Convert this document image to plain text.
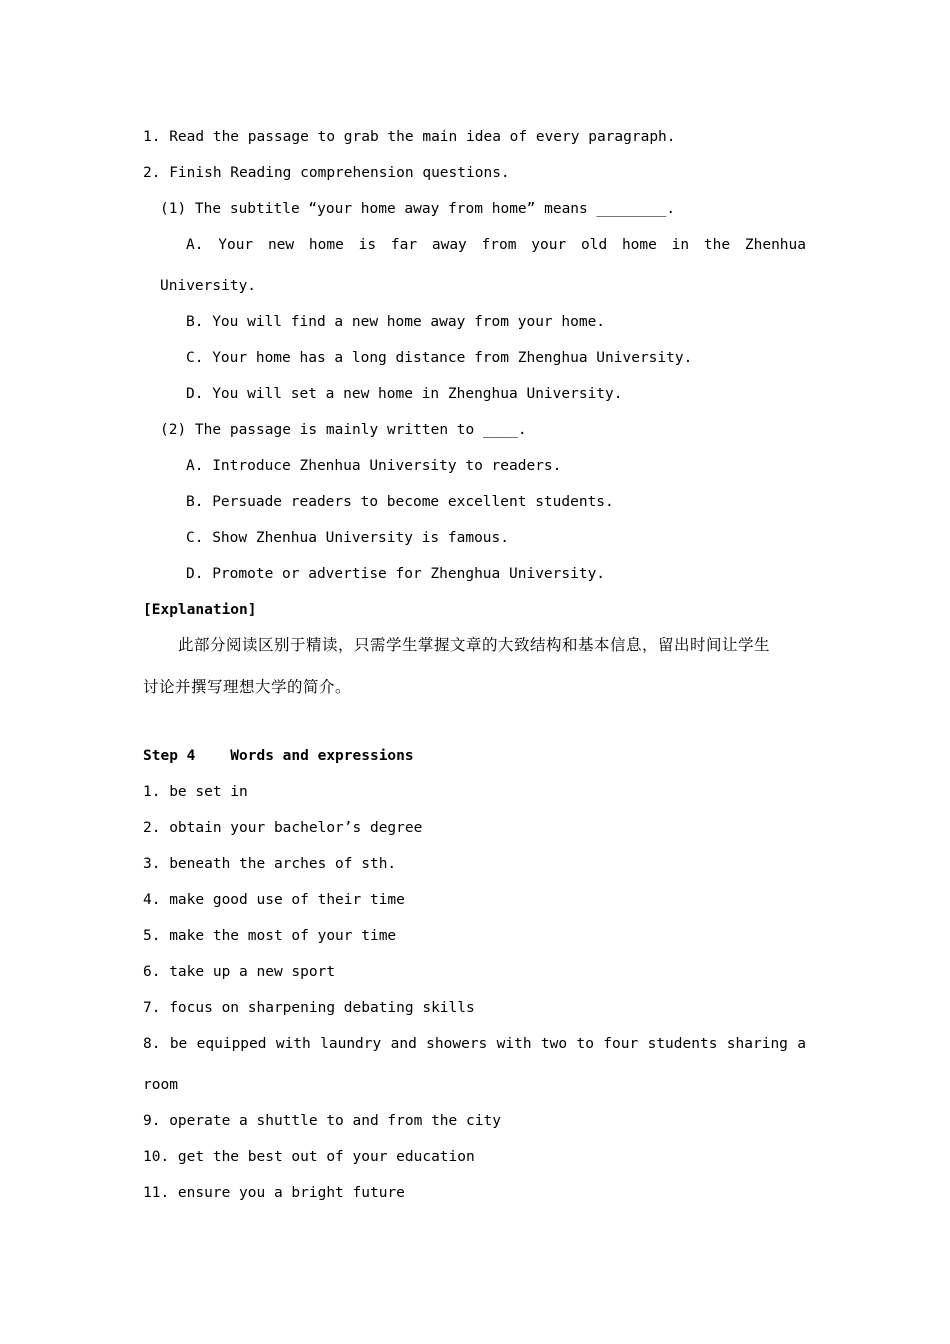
1. Read the passage to grab the main idea of every paragraph.
2. Finish Reading comprehension questions.
(1) The subtitle “your home away from home” means ________.
A. Your new home is far away from your old home in the Zhenhua
University.
B. You will find a new home away from your home.
C. Your home has a long distance from Zhenghua University.
D. You will set a new home in Zhenghua University.
(2) The passage is mainly written to ____.
A. Introduce Zhenhua University to readers.
B. Persuade readers to become excellent students.
C. Show Zhenhua University is famous.
D. Promote or advertise for Zhenghua University.
[Explanation]
此部分阅读区别于精读，只需学生掌握文章的大致结构和基本信息，留出时间让学生
讨论并撰写理想大学的简介。
Step 4    Words and expressions
1. be set in
2. obtain your bachelor’s degree
3. beneath the arches of sth.
4. make good use of their time
5. make the most of your time
6. take up a new sport
7. focus on sharpening debating skills
8. be equipped with laundry and showers with two to four students sharing a
room
9. operate a shuttle to and from the city
10. get the best out of your education
11. ensure you a bright future
